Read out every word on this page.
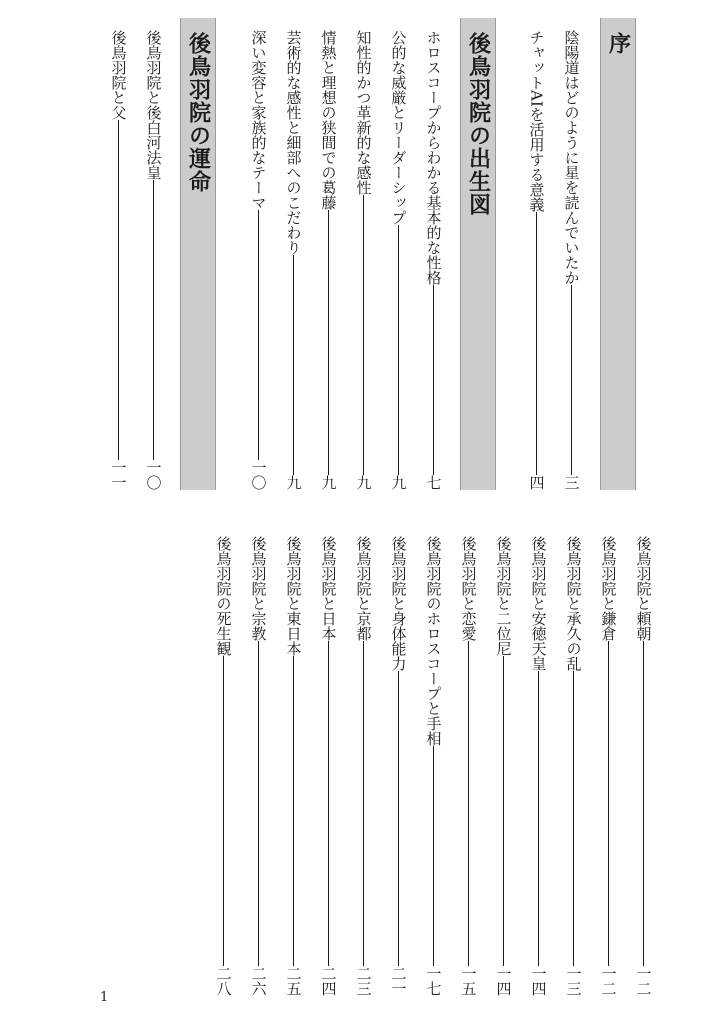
序
陰陽道はどのように星を読んでいたか
三
チャットAIを活用する意義
四
後鳥羽院の出生図
ホロスコープからわかる基本的な性格
七
公的な威厳とリーダーシップ
九
知性的かつ革新的な感性
九
情熱と理想の狭間での葛藤
九
芸術的な感性と細部へのこだわり
九
深い変容と家族的なテーマ
一〇
後鳥羽院の運命
後鳥羽院と後白河法皇
一〇
後鳥羽院と父
一一
後鳥羽院と頼朝
一二
後鳥羽院と鎌倉
一二
後鳥羽院と承久の乱
一三
後鳥羽院と安徳天皇
一四
後鳥羽院と二位尼
一四
後鳥羽院と恋愛
一五
後鳥羽院のホロスコープと手相
一七
後鳥羽院と身体能力
二一
後鳥羽院と京都
二三
後鳥羽院と日本
二四
後鳥羽院と東日本
二五
後鳥羽院と宗教
二六
後鳥羽院の死生観
二八
1
